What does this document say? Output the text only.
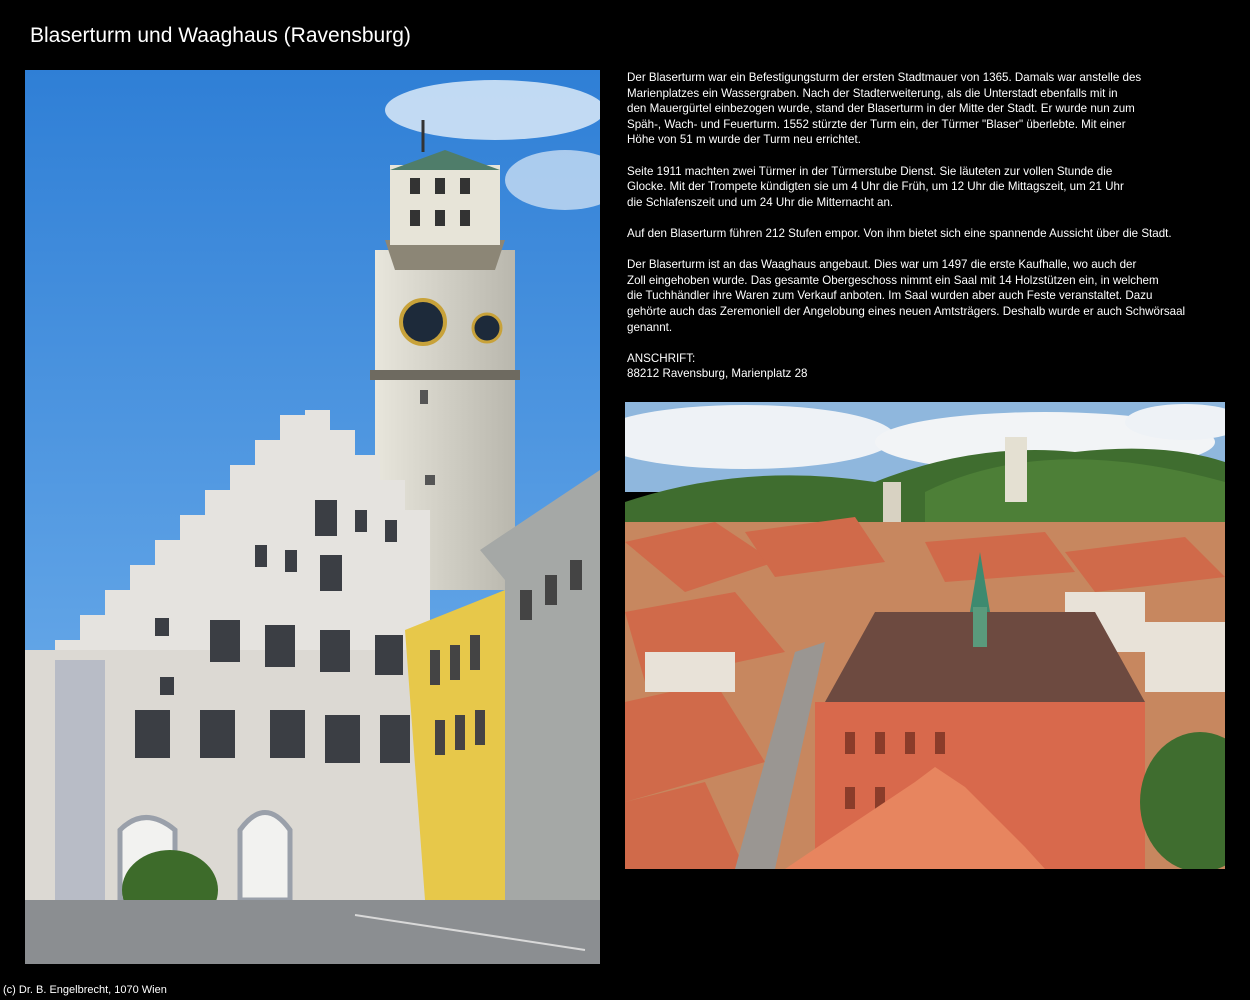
Blaserturm und Waaghaus (Ravensburg)

Der Blaserturm war ein Befestigungsturm der ersten Stadtmauer von 1365. Damals war anstelle des
Marienplatzes ein Wassergraben. Nach der Stadterweiterung, als die Unterstadt ebenfalls mit in
den Mauergürtel einbezogen wurde, stand der Blaserturm in der Mitte der Stadt. Er wurde nun zum
Späh-, Wach- und Feuerturm. 1552 stürzte der Turm ein, der Türmer "Blaser" überlebte. Mit einer
Höhe von 51 m wurde der Turm neu errichtet.

Seite 1911 machten zwei Türmer in der Türmerstube Dienst. Sie läuteten zur vollen Stunde die
Glocke. Mit der Trompete kündigten sie um 4 Uhr die Früh, um 12 Uhr die Mittagszeit, um 21 Uhr
die Schlafenszeit und um 24 Uhr die Mitternacht an.

Auf den Blaserturm führen 212 Stufen empor. Von ihm bietet sich eine spannende Aussicht über die Stadt.

Der Blaserturm ist an das Waaghaus angebaut. Dies war um 1497 die erste Kaufhalle, wo auch der
Zoll eingehoben wurde. Das gesamte Obergeschoss nimmt ein Saal mit 14 Holzstützen ein, in welchem
die Tuchhändler ihre Waren zum Verkauf anboten. Im Saal wurden aber auch Feste veranstaltet. Dazu
gehörte auch das Zeremoniell der Angelobung eines neuen Amtsträgers. Deshalb wurde er auch Schwörsaal
genannt.

ANSCHRIFT:
88212 Ravensburg, Marienplatz 28
(c) Dr. B. Engelbrecht, 1070 Wien
